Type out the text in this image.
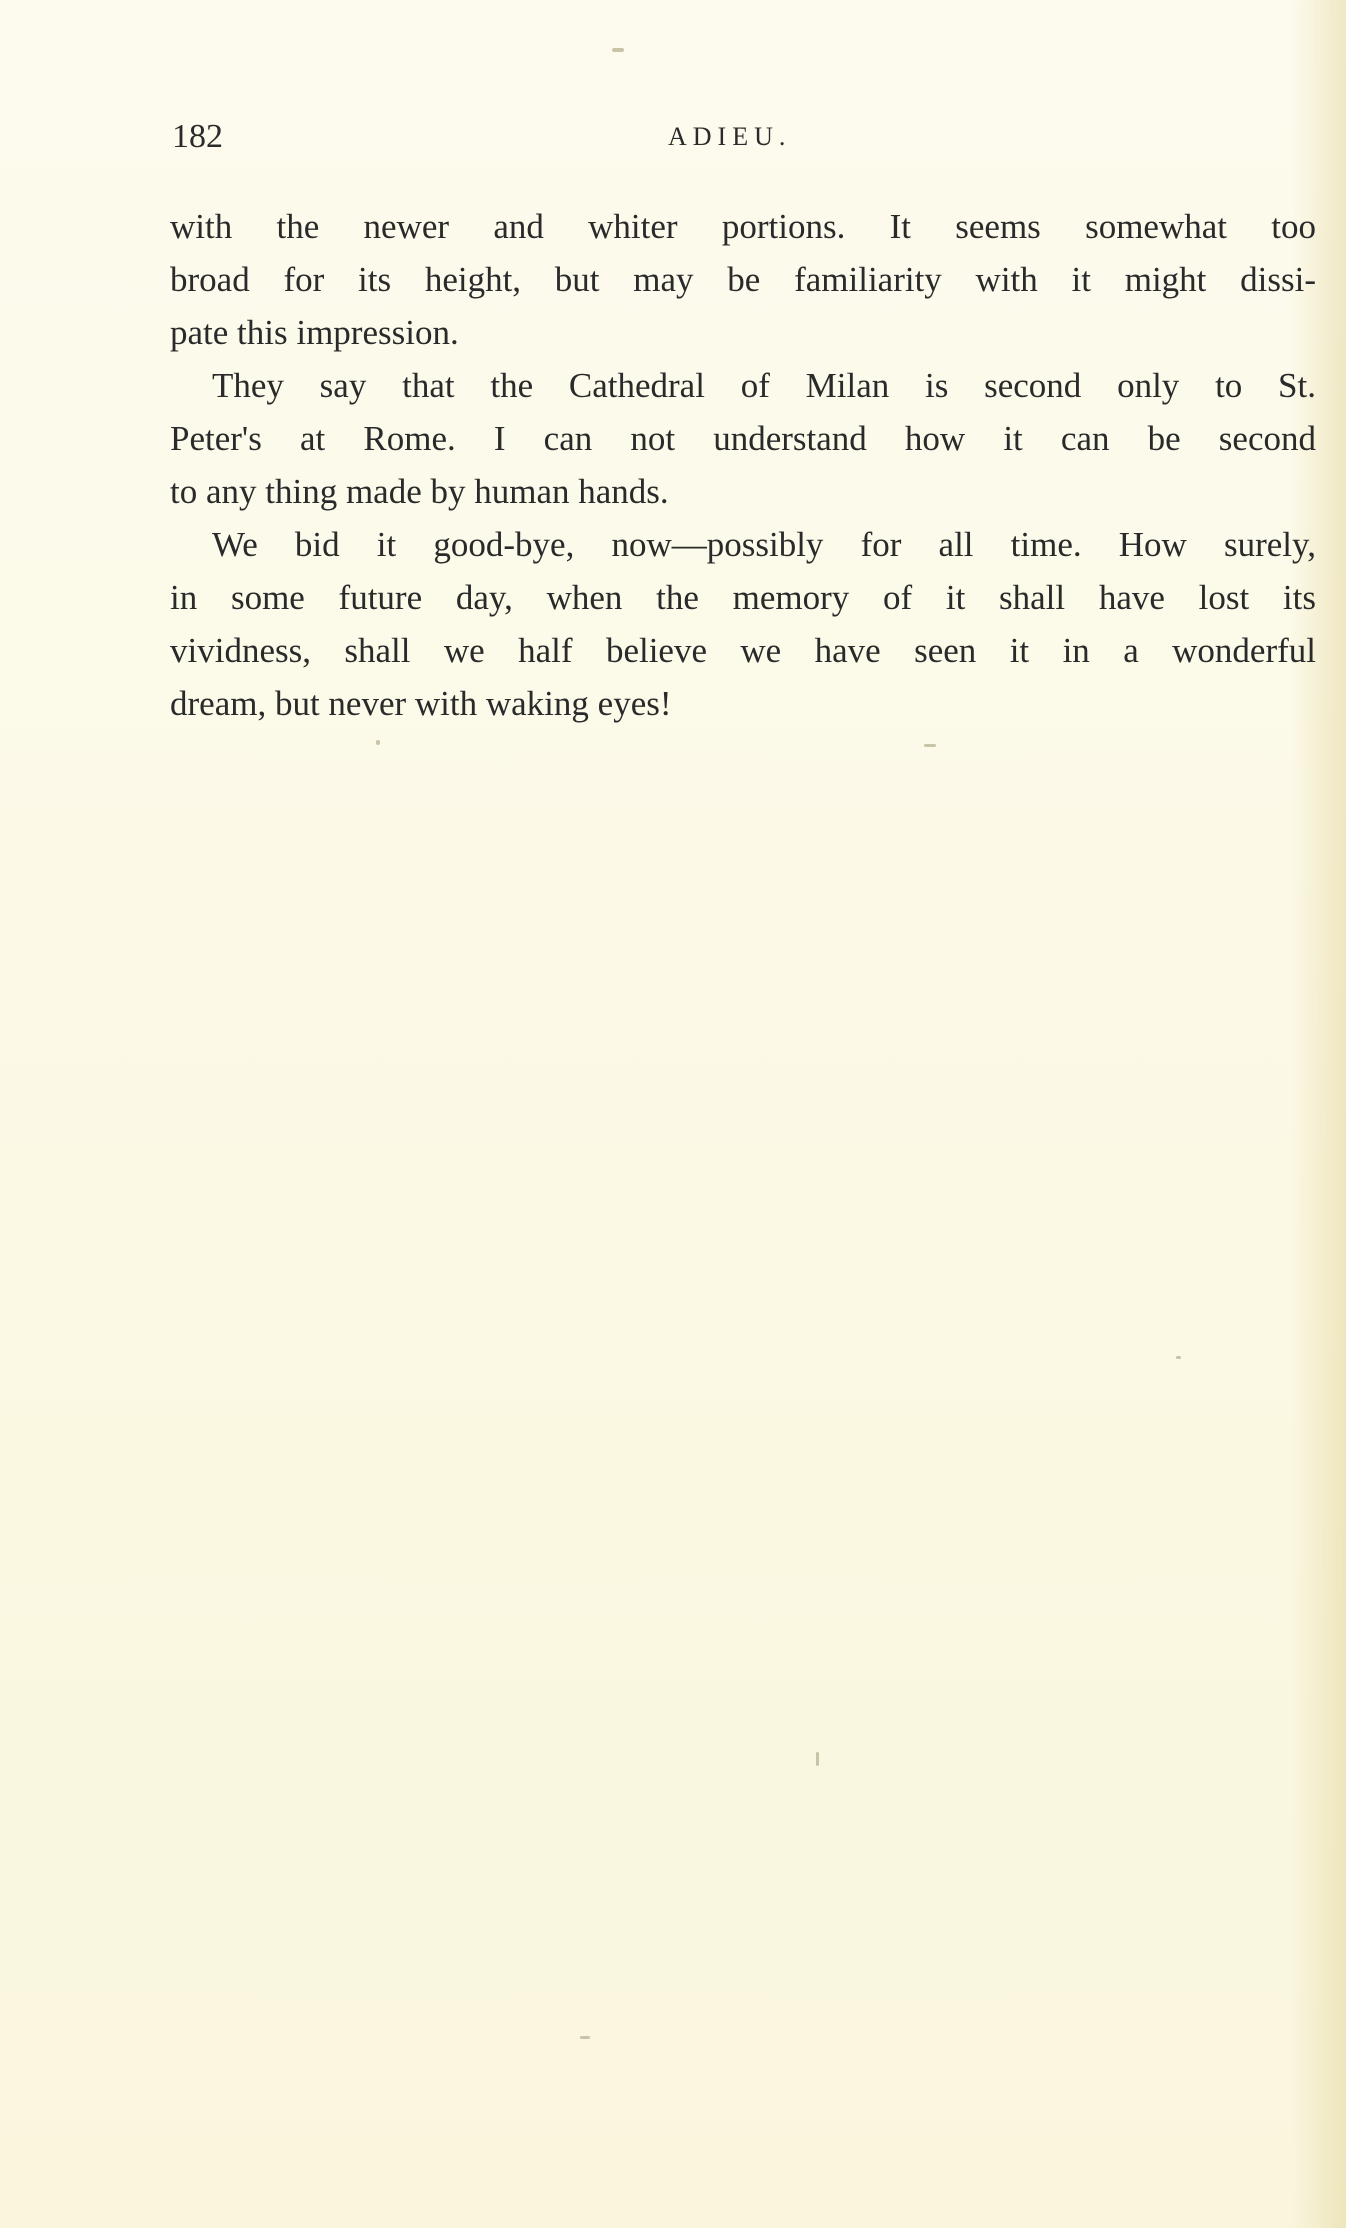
182	ADIEU.
with the newer and whiter portions. It seems somewhat too
broad for its height, but may be familiarity with it might dissi-
pate this impression.
They say that the Cathedral of Milan is second only to St.
Peter's at Rome. I can not understand how it can be second
to any thing made by human hands.
We bid it good-bye, now—possibly for all time. How surely,
in some future day, when the memory of it shall have lost its
vividness, shall we half believe we have seen it in a wonderful
dream, but never with waking eyes!
